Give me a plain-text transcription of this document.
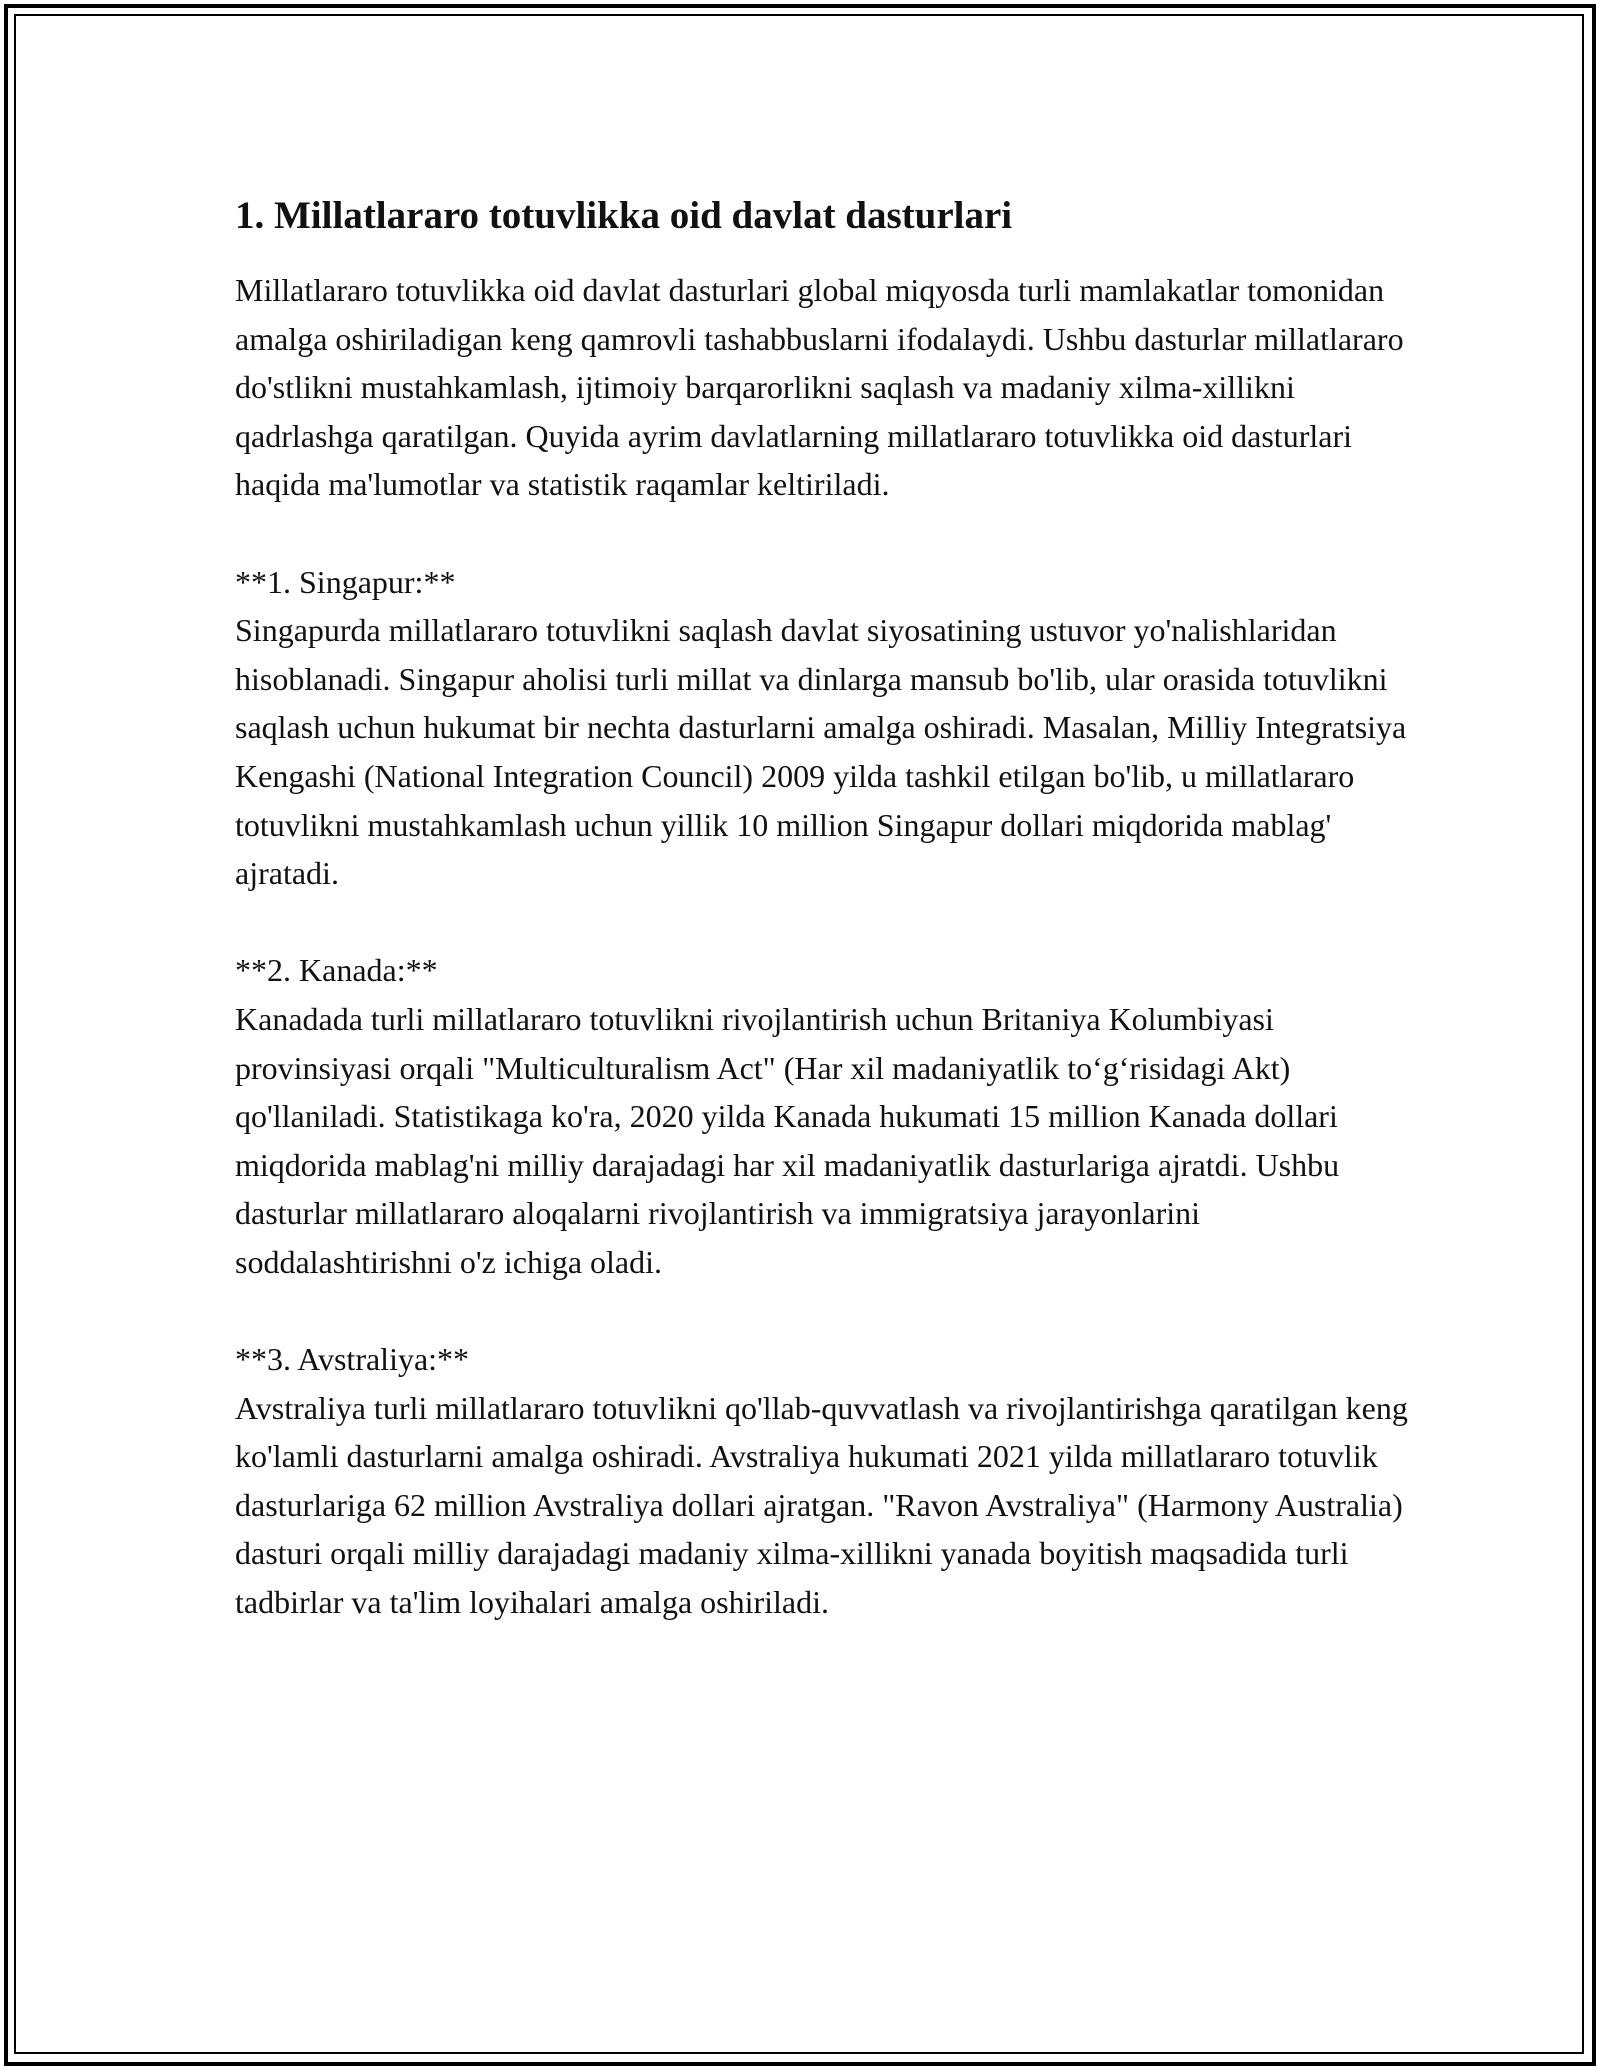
1. Millatlararo totuvlikka oid davlat dasturlari

Millatlararo totuvlikka oid davlat dasturlari global miqyosda turli mamlakatlar tomonidan amalga oshiriladigan keng qamrovli tashabbuslarni ifodalaydi. Ushbu dasturlar millatlararo do'stlikni mustahkamlash, ijtimoiy barqarorlikni saqlash va madaniy xilma-xillikni qadrlashga qaratilgan. Quyida ayrim davlatlarning millatlararo totuvlikka oid dasturlari haqida ma'lumotlar va statistik raqamlar keltiriladi.

**1. Singapur:**

Singapurda millatlararo totuvlikni saqlash davlat siyosatining ustuvor yo'nalishlaridan hisoblanadi. Singapur aholisi turli millat va dinlarga mansub bo'lib, ular orasida totuvlikni saqlash uchun hukumat bir nechta dasturlarni amalga oshiradi. Masalan, Milliy Integratsiya Kengashi (National Integration Council) 2009 yilda tashkil etilgan bo'lib, u millatlararo totuvlikni mustahkamlash uchun yillik 10 million Singapur dollari miqdorida mablag' ajratadi.

**2. Kanada:**

Kanadada turli millatlararo totuvlikni rivojlantirish uchun Britaniya Kolumbiyasi provinsiyasi orqali "Multiculturalism Act" (Har xil madaniyatlik to‘g‘risidagi Akt) qo'llaniladi. Statistikaga ko'ra, 2020 yilda Kanada hukumati 15 million Kanada dollari miqdorida mablag'ni milliy darajadagi har xil madaniyatlik dasturlariga ajratdi. Ushbu dasturlar millatlararo aloqalarni rivojlantirish va immigratsiya jarayonlarini soddalashtirishni o'z ichiga oladi.

**3. Avstraliya:**

Avstraliya turli millatlararo totuvlikni qo'llab-quvvatlash va rivojlantirishga qaratilgan keng ko'lamli dasturlarni amalga oshiradi. Avstraliya hukumati 2021 yilda millatlararo totuvlik dasturlariga 62 million Avstraliya dollari ajratgan. "Ravon Avstraliya" (Harmony Australia) dasturi orqali milliy darajadagi madaniy xilma-xillikni yanada boyitish maqsadida turli tadbirlar va ta'lim loyihalari amalga oshiriladi.
